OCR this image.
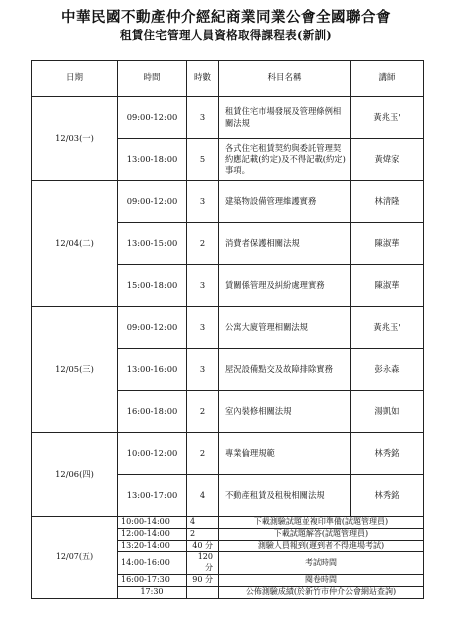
中華民國不動產仲介經紀商業同業公會全國聯合會
租賃住宅管理人員資格取得課程表(新訓)
日期	時間	時數	科目名稱	講師
12/03(一)	09:00-12:00	3	租賃住宅市場發展及管理條例相關法規	黃兆玉'
	13:00-18:00	5	各式住宅租賃契約與委託管理契約應記載(約定)及不得記載(約定)事項。	黃煒家
12/04(二)	09:00-12:00	3	建築物設備管理維護實務	林清隆
	13:00-15:00	2	消費者保護相關法規	陳淑華
	15:00-18:00	3	賃關係管理及糾紛處理實務	陳淑華
12/05(三)	09:00-12:00	3	公寓大廈管理相關法規	黃兆玉'
	13:00-16:00	3	屋況設備點交及故障排除實務	彭永森
	16:00-18:00	2	室內裝修相關法規	湯凱如
12/06(四)	10:00-12:00	2	專業倫理規範	林秀銘
	13:00-17:00	4	不動產租賃及租稅相關法規	林秀銘
12/07(五)	10:00-14:00	4	下載測驗試題並複印準備(試題管理員)	
	12:00-14:00	2	下載試題解答(試題管理員)	
	13:20-14:00	40 分	測驗人員報到(遲到者不得進場考試)	
	14:00-16:00	120 分	考試時間	
	16:00-17:30	90 分	閱卷時間	
	17:30		公佈測驗成績(於新竹市仲介公會網站查詢)	
